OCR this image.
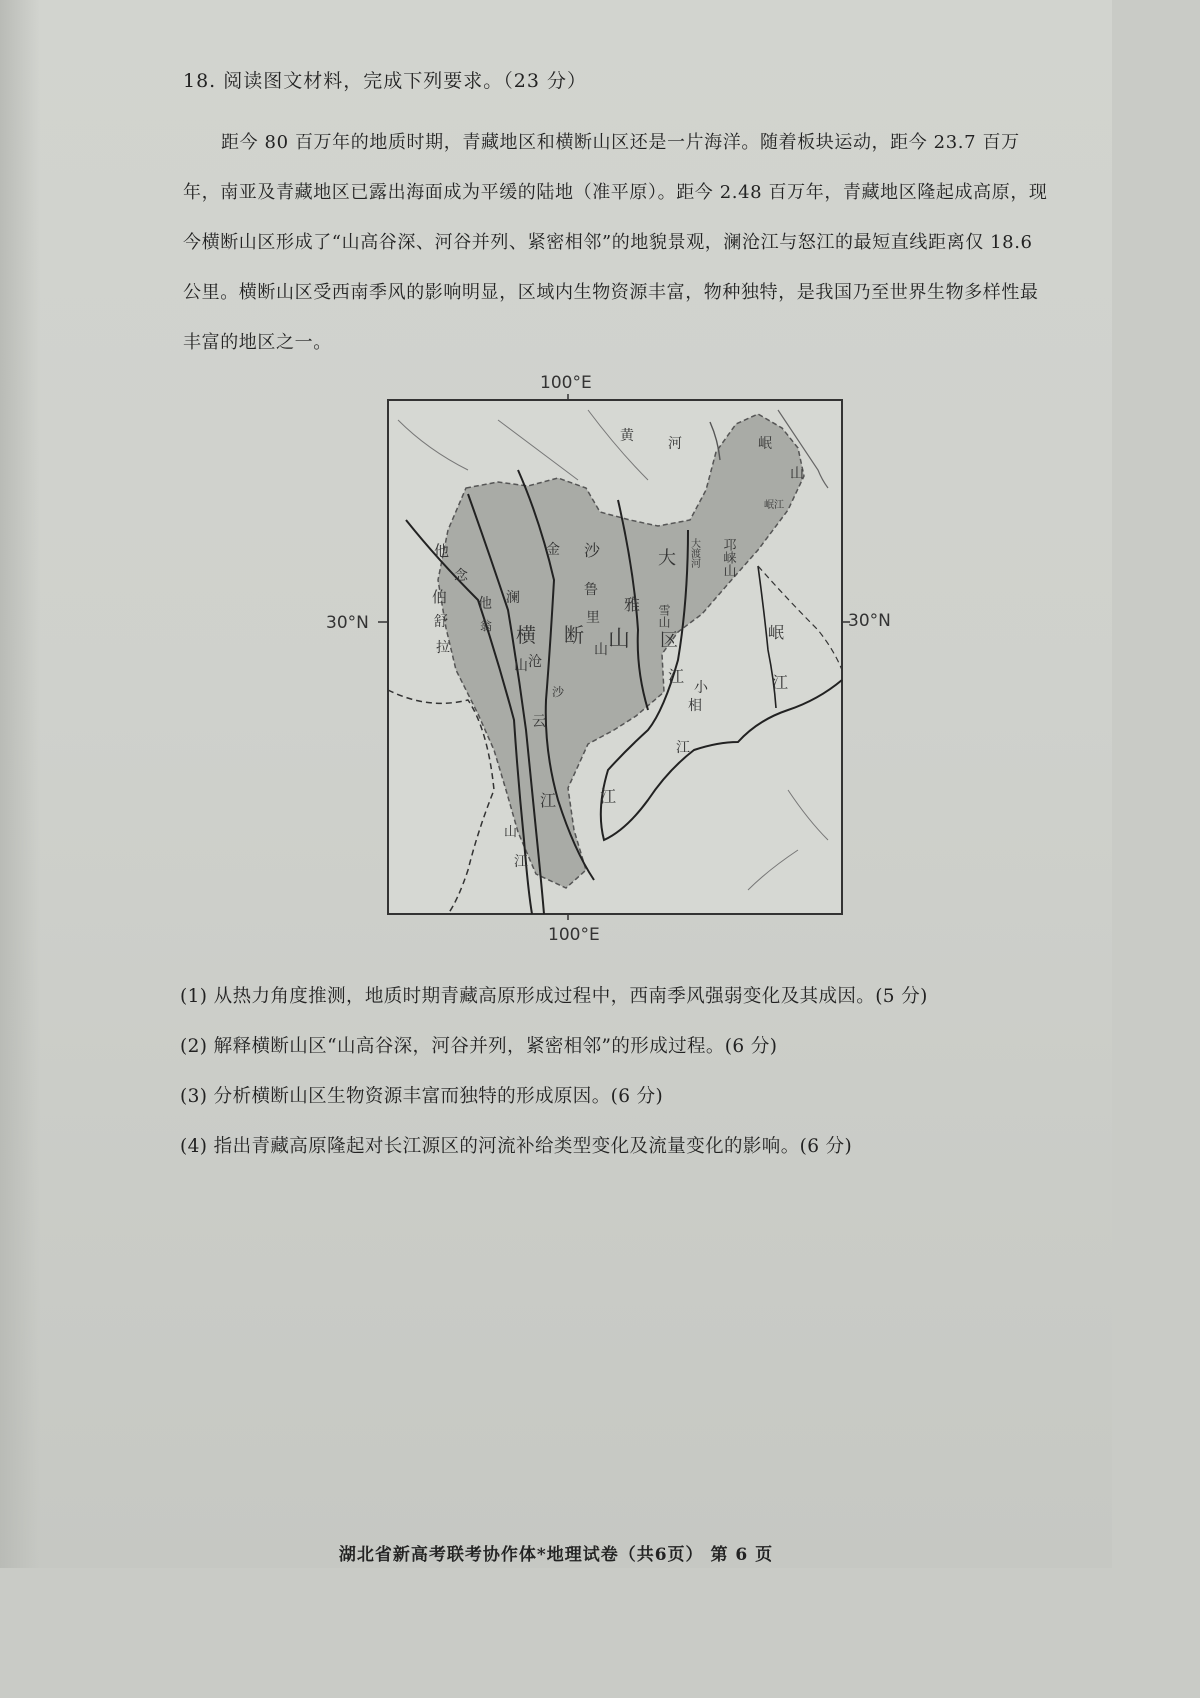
18. 阅读图文材料，完成下列要求。（23 分）
距今 80 百万年的地质时期，青藏地区和横断山区还是一片海洋。随着板块运动，距今 23.7 百万年，南亚及青藏地区已露出海面成为平缓的陆地（准平原）。距今 2.48 百万年，青藏地区隆起成高原，现今横断山区形成了“山高谷深、河谷并列、紧密相邻”的地貌景观，澜沧江与怒江的最短直线距离仅 18.6 公里。横断山区受西南季风的影响明显，区域内生物资源丰富，物种独特，是我国乃至世界生物多样性最丰富的地区之一。
100°E
100°E
30°N	30°N
黄 河	岷
山
岷江
邛崃山
大渡河
大
雪山
区
江
岷
江
小
相
江
江
沙
鲁
里
山
雅
山
断
横
金
沙
他
念
伯
舒
拉
他
翁
澜
山 沧
云
江
山
江
(1) 从热力角度推测，地质时期青藏高原形成过程中，西南季风强弱变化及其成因。(5 分)
(2) 解释横断山区“山高谷深，河谷并列，紧密相邻”的形成过程。(6 分)
(3) 分析横断山区生物资源丰富而独特的形成原因。(6 分)
(4) 指出青藏高原隆起对长江源区的河流补给类型变化及流量变化的影响。(6 分)
湖北省新高考联考协作体*地理试卷（共6页） 第 6 页
